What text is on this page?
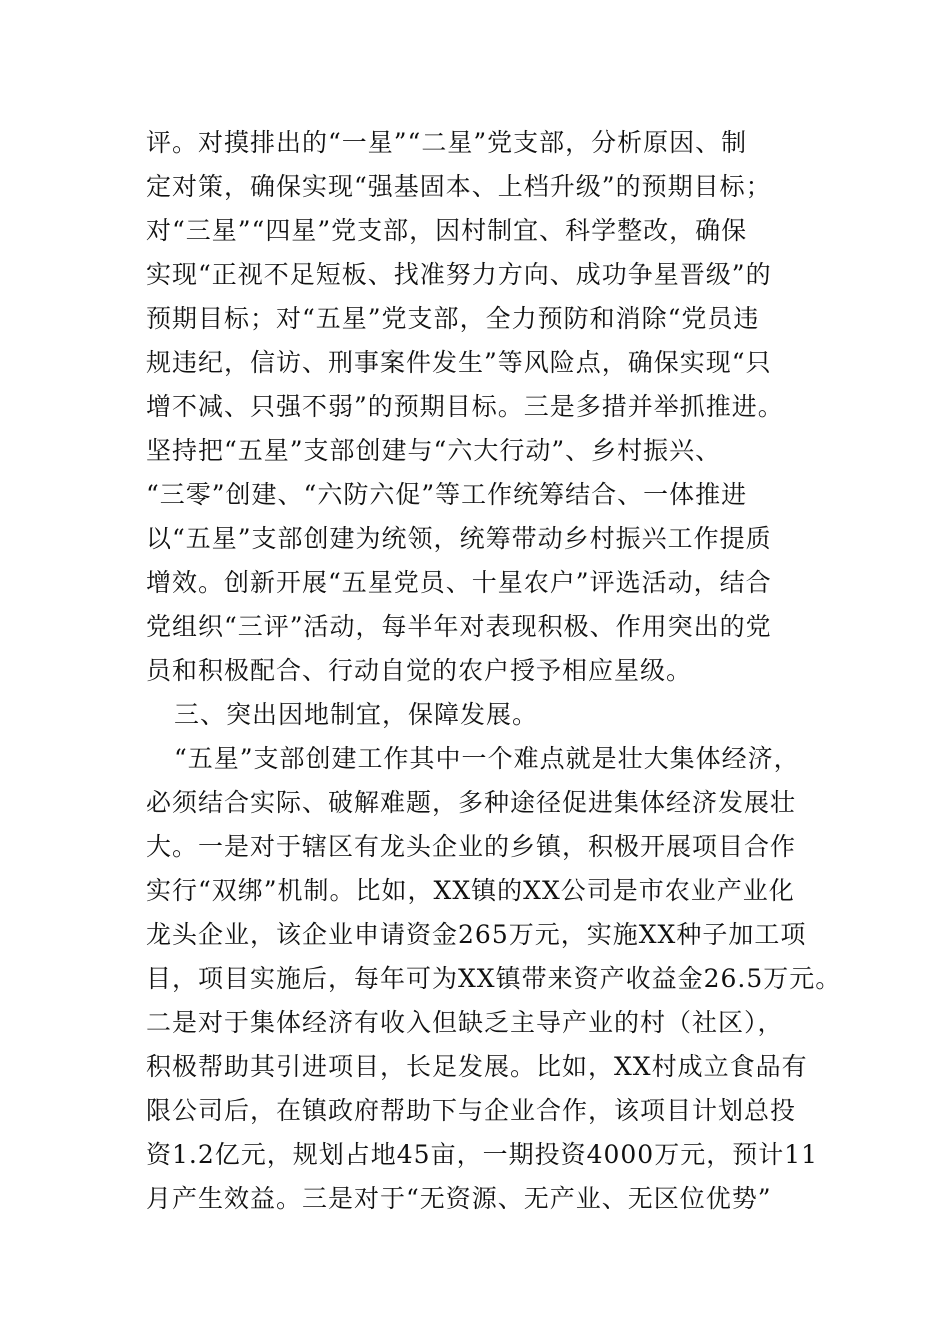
评。对摸排出的“一星”“二星”党支部，分析原因、制
定对策，确保实现“强基固本、上档升级”的预期目标；
对“三星”“四星”党支部，因村制宜、科学整改，确保
实现“正视不足短板、找准努力方向、成功争星晋级”的
预期目标；对“五星”党支部，全力预防和消除“党员违
规违纪，信访、刑事案件发生”等风险点，确保实现“只
增不减、只强不弱”的预期目标。三是多措并举抓推进。
坚持把“五星”支部创建与“六大行动”、乡村振兴、
“三零”创建、“六防六促”等工作统筹结合、一体推进
以“五星”支部创建为统领，统筹带动乡村振兴工作提质
增效。创新开展“五星党员、十星农户”评选活动，结合
党组织“三评”活动，每半年对表现积极、作用突出的党
员和积极配合、行动自觉的农户授予相应星级。
三、突出因地制宜，保障发展。
“五星”支部创建工作其中一个难点就是壮大集体经济，
必须结合实际、破解难题，多种途径促进集体经济发展壮
大。一是对于辖区有龙头企业的乡镇，积极开展项目合作
实行“双绑”机制。比如，XX镇的XX公司是市农业产业化
龙头企业，该企业申请资金265万元，实施XX种子加工项
目，项目实施后，每年可为XX镇带来资产收益金26.5万元。
二是对于集体经济有收入但缺乏主导产业的村（社区），
积极帮助其引进项目，长足发展。比如，XX村成立食品有
限公司后，在镇政府帮助下与企业合作，该项目计划总投
资1.2亿元，规划占地45亩，一期投资4000万元，预计11
月产生效益。三是对于“无资源、无产业、无区位优势”
